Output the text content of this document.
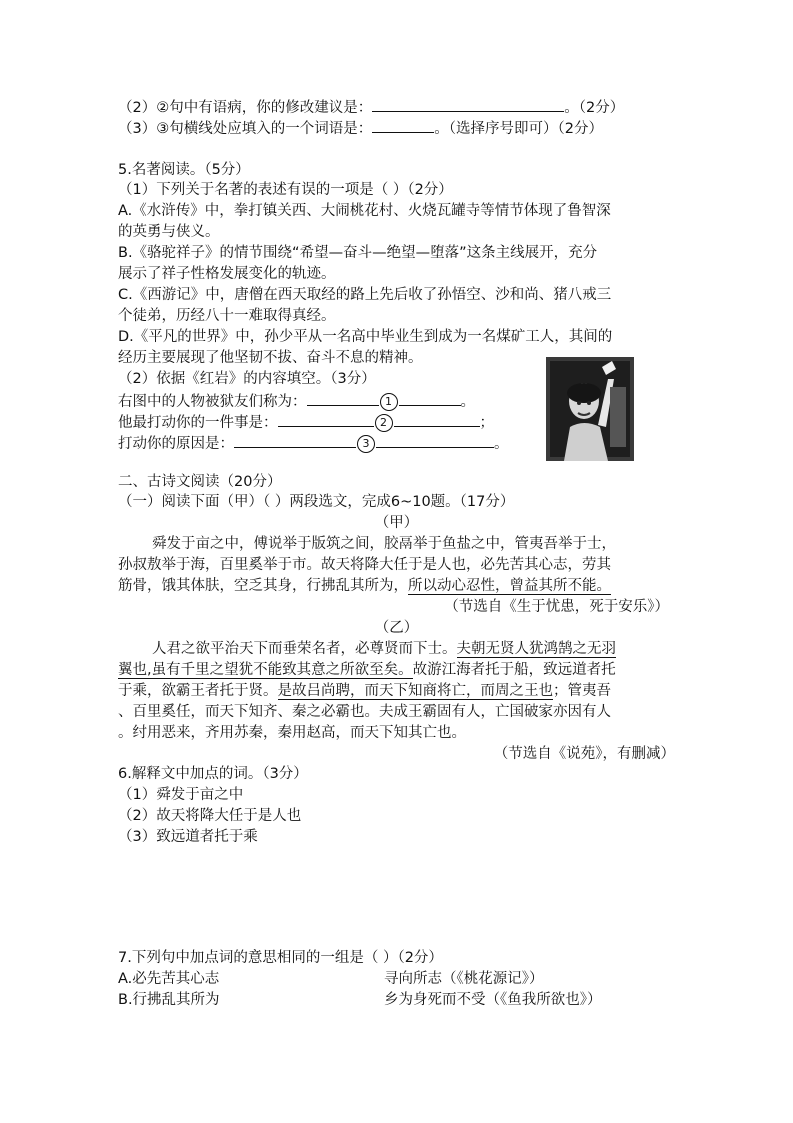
（2）②句中有语病，你的修改建议是：	。（2分）
（3）③句横线处应填入的一个词语是：	。（选择序号即可）（2分）
5.名著阅读。（5分）
（1）下列关于名著的表述有误的一项是（ ）（2分）
A.《水浒传》中，拳打镇关西、大闹桃花村、火烧瓦罐寺等情节体现了鲁智深
的英勇与侠义。
B.《骆驼祥子》的情节围绕“希望—奋斗—绝望—堕落”这条主线展开，充分
展示了祥子性格发展变化的轨迹。
C.《西游记》中，唐僧在西天取经的路上先后收了孙悟空、沙和尚、猪八戒三
个徒弟，历经八十一难取得真经。
D.《平凡的世界》中，孙少平从一名高中毕业生到成为一名煤矿工人，其间的
经历主要展现了他坚韧不拔、奋斗不息的精神。
（2）依据《红岩》的内容填空。（3分）
右图中的人物被狱友们称为：	1	。
他最打动你的一件事是：	2	；
打动你的原因是：	3	。
二、古诗文阅读（20分）
（一）阅读下面（甲）（ ）两段选文，完成6~10题。（17分）
（甲）
舜发于亩之中，傅说举于版筑之间，胶鬲举于鱼盐之中，管夷吾举于士，
孙叔敖举于海，百里奚举于市。故天将降大任于是人也，必先苦其心志，劳其
筋骨，饿其体肤，空乏其身，行拂乱其所为，所以动心忍性，曾益其所不能。
（节选自《生于忧患，死于安乐》）
（乙）
人君之欲平治天下而垂荣名者，必尊贤而下士。夫朝无贤人犹鸿鹄之无羽
翼也,虽有千里之望犹不能致其意之所欲至矣。故游江海者托于船，致远道者托
于乘，欲霸王者托于贤。是故吕尚聘，而天下知商将亡，而周之王也；管夷吾
、百里奚任，而天下知齐、秦之必霸也。夫成王霸固有人，亡国破家亦因有人
。纣用恶来，齐用苏秦，秦用赵高，而天下知其亡也。
（节选自《说苑》，有删减）
6.解释文中加点的词。（3分）
（1）舜发于亩之中
（2）故天将降大任于是人也
（3）致远道者托于乘
7.下列句中加点词的意思相同的一组是（ ）（2分）
A.必先苦其心志	寻向所志（《桃花源记》）
B.行拂乱其所为	乡为身死而不受（《鱼我所欲也》）
